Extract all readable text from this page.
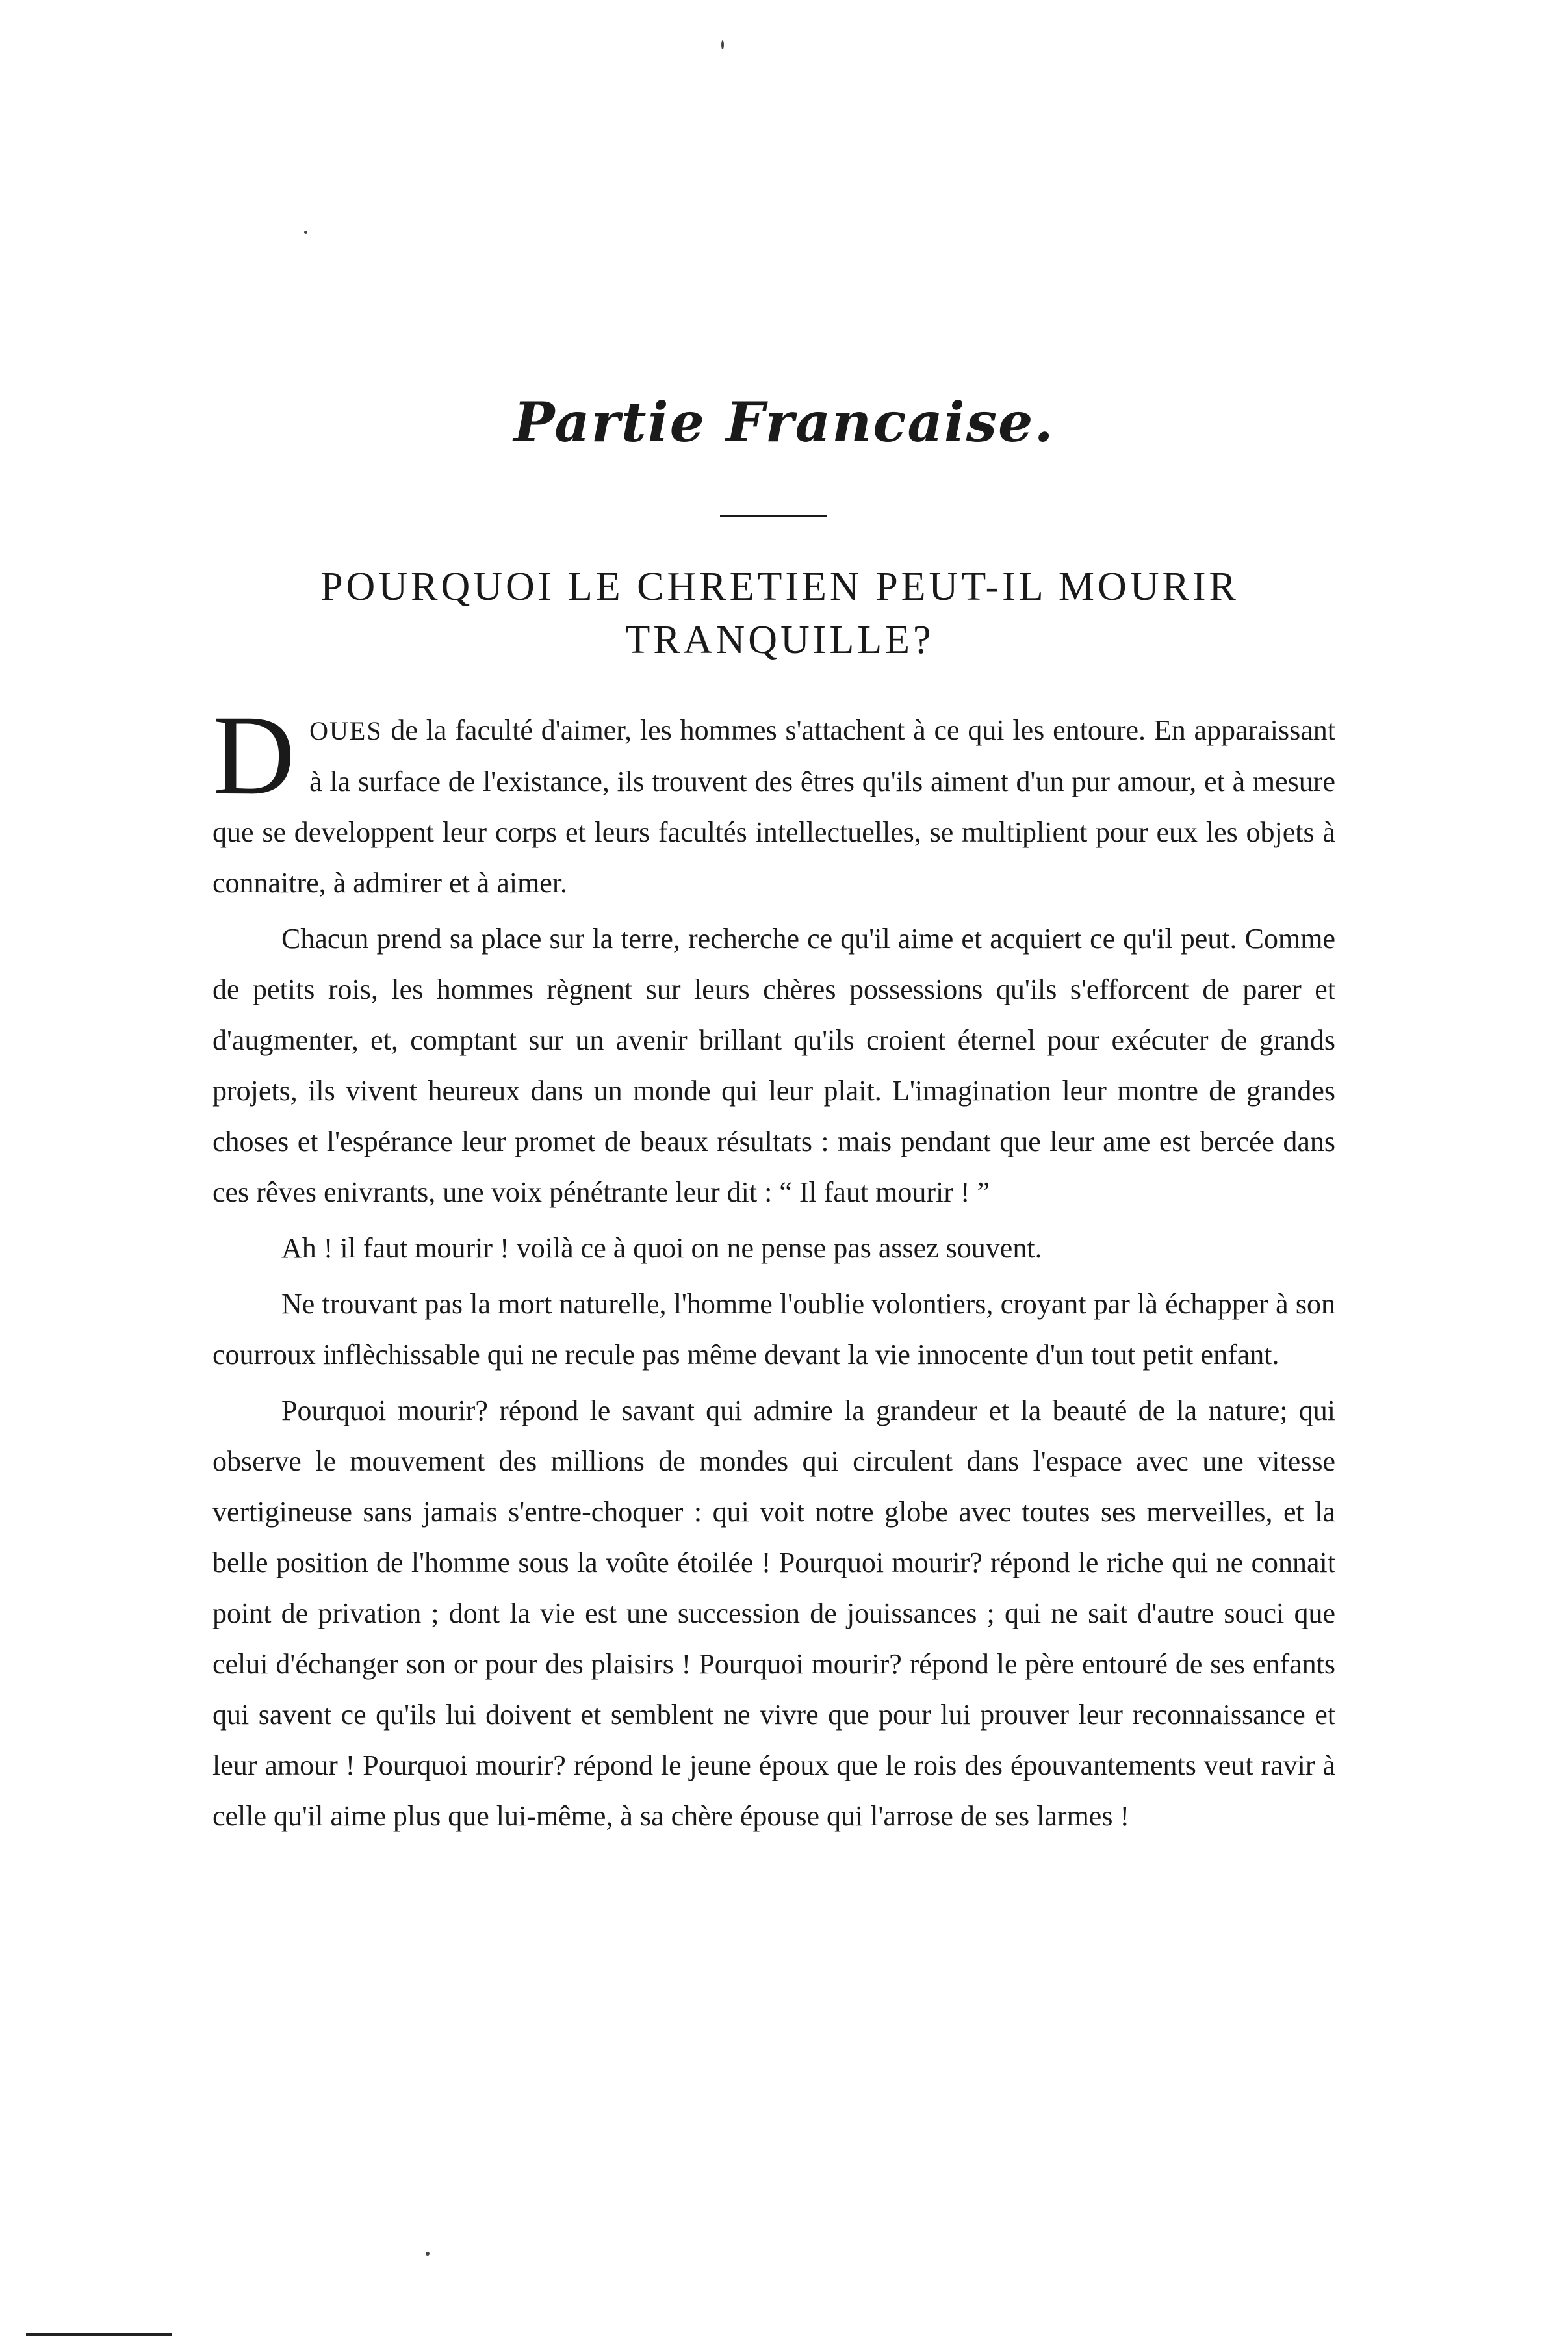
Partie Francaise.
POURQUOI LE CHRETIEN PEUT-IL MOURIR TRANQUILLE?

DOUES de la faculté d'aimer, les hommes s'attachent à ce qui les entoure. En apparaissant à la surface de l'existance, ils trouvent des êtres qu'ils aiment d'un pur amour, et à mesure que se developpent leur corps et leurs facultés intellectuelles, se multiplient pour eux les objets à connaitre, à admirer et à aimer.

Chacun prend sa place sur la terre, recherche ce qu'il aime et acquiert ce qu'il peut. Comme de petits rois, les hommes règnent sur leurs chères possessions qu'ils s'efforcent de parer et d'augmenter, et, comptant sur un avenir brillant qu'ils croient éternel pour exécuter de grands projets, ils vivent heureux dans un monde qui leur plait. L'imagination leur montre de grandes choses et l'espérance leur promet de beaux résultats : mais pendant que leur ame est bercée dans ces rêves enivrants, une voix pénétrante leur dit : “ Il faut mourir ! ”

Ah ! il faut mourir ! voilà ce à quoi on ne pense pas assez souvent.

Ne trouvant pas la mort naturelle, l'homme l'oublie volontiers, croyant par là échapper à son courroux inflèchissable qui ne recule pas même devant la vie innocente d'un tout petit enfant.

Pourquoi mourir? répond le savant qui admire la grandeur et la beauté de la nature; qui observe le mouvement des millions de mondes qui circulent dans l'espace avec une vitesse vertigineuse sans jamais s'entre-choquer : qui voit notre globe avec toutes ses merveilles, et la belle position de l'homme sous la voûte étoilée ! Pourquoi mourir? répond le riche qui ne connait point de privation ; dont la vie est une succession de jouissances ; qui ne sait d'autre souci que celui d'échanger son or pour des plaisirs ! Pourquoi mourir? répond le père entouré de ses enfants qui savent ce qu'ils lui doivent et semblent ne vivre que pour lui prouver leur reconnaissance et leur amour ! Pourquoi mourir? répond le jeune époux que le rois des épouvantements veut ravir à celle qu'il aime plus que lui-même, à sa chère épouse qui l'arrose de ses larmes !
